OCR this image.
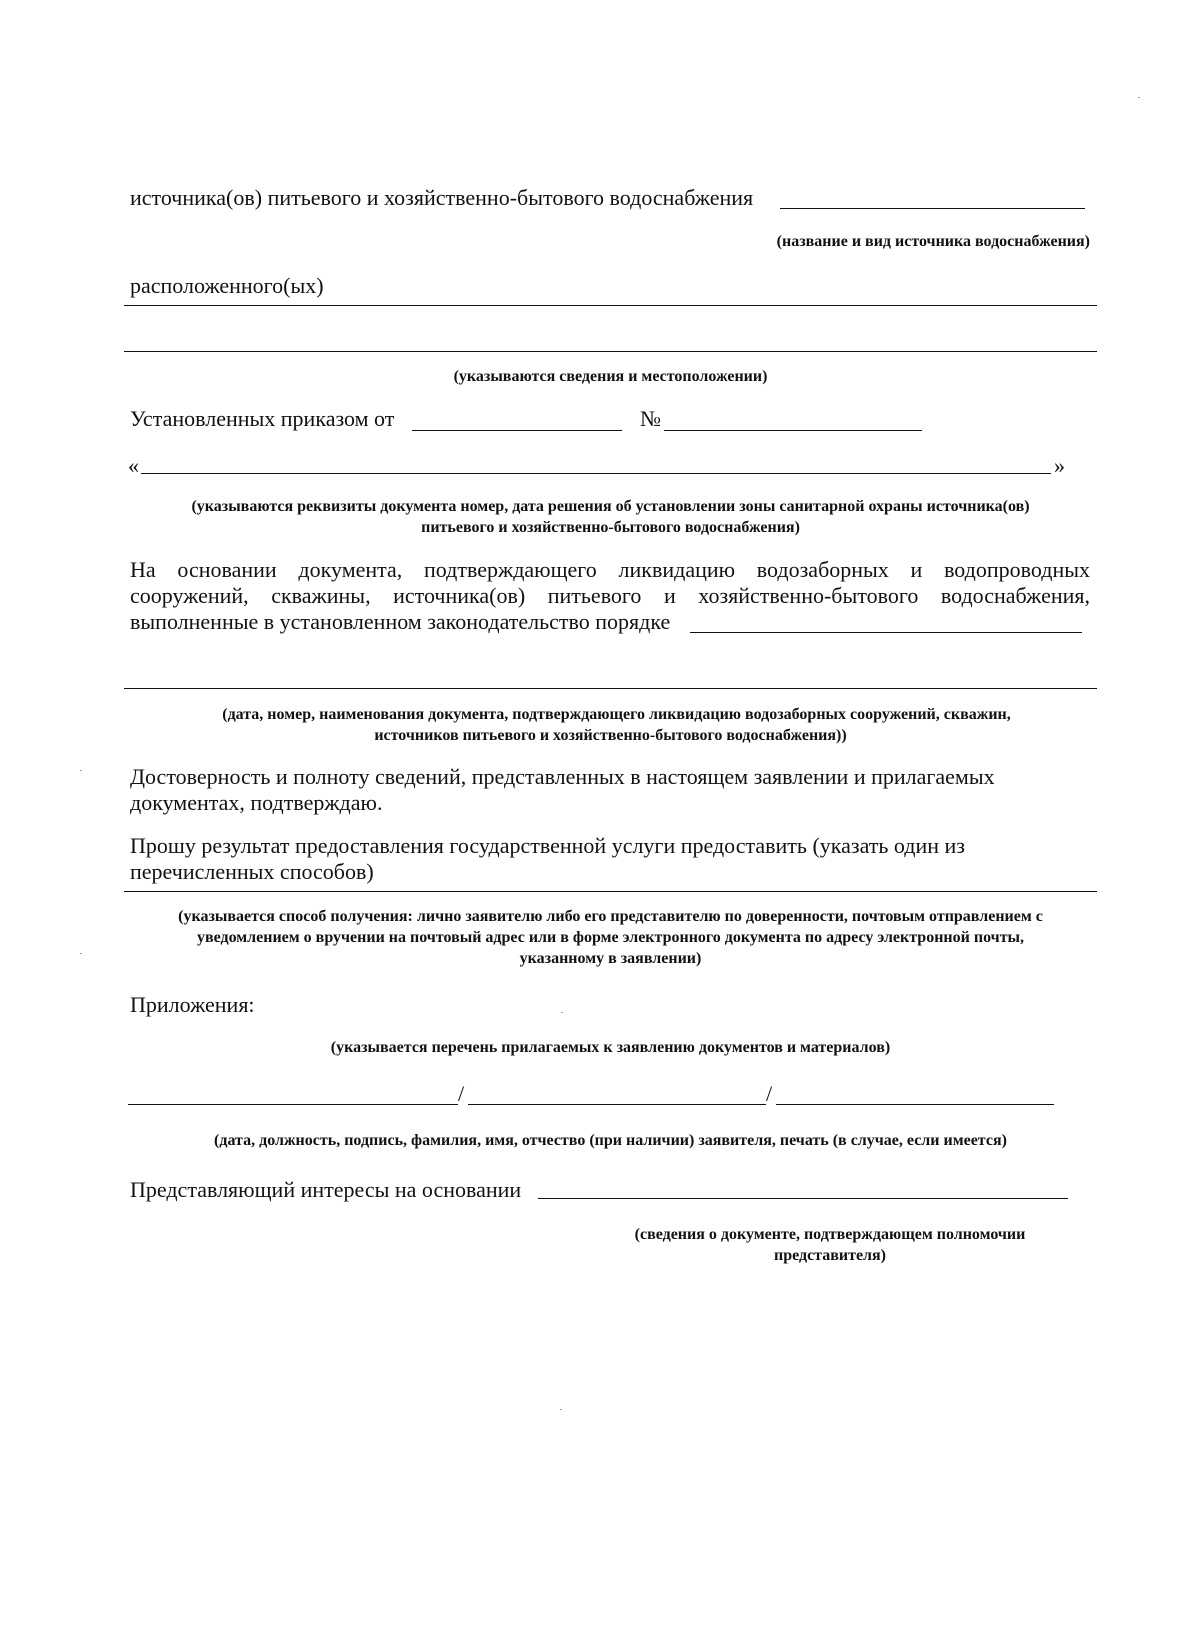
источника(ов) питьевого и хозяйственно-бытового водоснабжения
(название и вид источника водоснабжения)
расположенного(ых)
(указываются сведения и местоположении)
Установленных приказом от	№
«	»
(указываются реквизиты документа номер, дата решения об установлении зоны санитарной охраны источника(ов)
питьевого и хозяйственно-бытового водоснабжения)
На основании документа, подтверждающего ликвидацию водозаборных и водопроводных
сооружений, скважины, источника(ов) питьевого и хозяйственно-бытового водоснабжения,
выполненные в установленном законодательство порядке
(дата, номер, наименования документа, подтверждающего ликвидацию водозаборных сооружений, скважин,
источников питьевого и хозяйственно-бытового водоснабжения))
Достоверность и полноту сведений, представленных в настоящем заявлении и прилагаемых
документах, подтверждаю.
Прошу результат предоставления государственной услуги предоставить (указать один из
перечисленных способов)
(указывается способ получения: лично заявителю либо его представителю по доверенности, почтовым отправлением с
уведомлением о вручении на почтовый адрес или в форме электронного документа по адресу электронной почты,
указанному в заявлении)
Приложения:
(указывается перечень прилагаемых к заявлению документов и материалов)
/	/
(дата, должность, подпись, фамилия, имя, отчество (при наличии) заявителя, печать (в случае, если имеется)
Представляющий интересы на основании
(сведения о документе, подтверждающем полномочии
представителя)
